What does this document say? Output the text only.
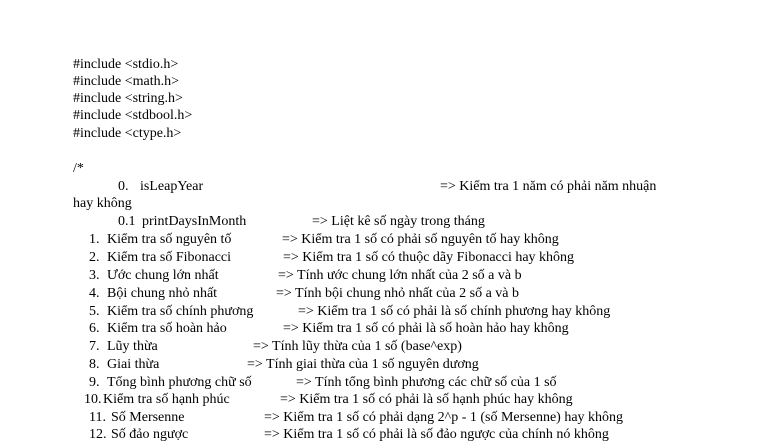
#include <stdio.h>
#include <math.h>
#include <string.h>
#include <stdbool.h>
#include <ctype.h>
/*
0. isLeapYear	=> Kiểm tra 1 năm có phải năm nhuận
hay không
0.1 printDaysInMonth	=> Liệt kê số ngày trong tháng
1. Kiểm tra số nguyên tố	=> Kiểm tra 1 số có phải số nguyên tố hay không
2. Kiểm tra số Fibonacci	=> Kiểm tra 1 số có thuộc dãy Fibonacci hay không
3. Ước chung lớn nhất	=> Tính ước chung lớn nhất của 2 số a và b
4. Bội chung nhỏ nhất	=> Tính bội chung nhỏ nhất của 2 số a và b
5. Kiểm tra số chính phương	=> Kiểm tra 1 số có phải là số chính phương hay không
6. Kiểm tra số hoàn hảo	=> Kiểm tra 1 số có phải là số hoàn hảo hay không
7. Lũy thừa	=> Tính lũy thừa của 1 số (base^exp)
8. Giai thừa	=> Tính giai thừa của 1 số nguyên dương
9. Tổng bình phương chữ số	=> Tính tổng bình phương các chữ số của 1 số
10. Kiểm tra số hạnh phúc	=> Kiểm tra 1 số có phải là số hạnh phúc hay không
11. Số Mersenne	=> Kiểm tra 1 số có phải dạng 2^p - 1 (số Mersenne) hay không
12. Số đảo ngược	=> Kiểm tra 1 số có phải là số đảo ngược của chính nó không
